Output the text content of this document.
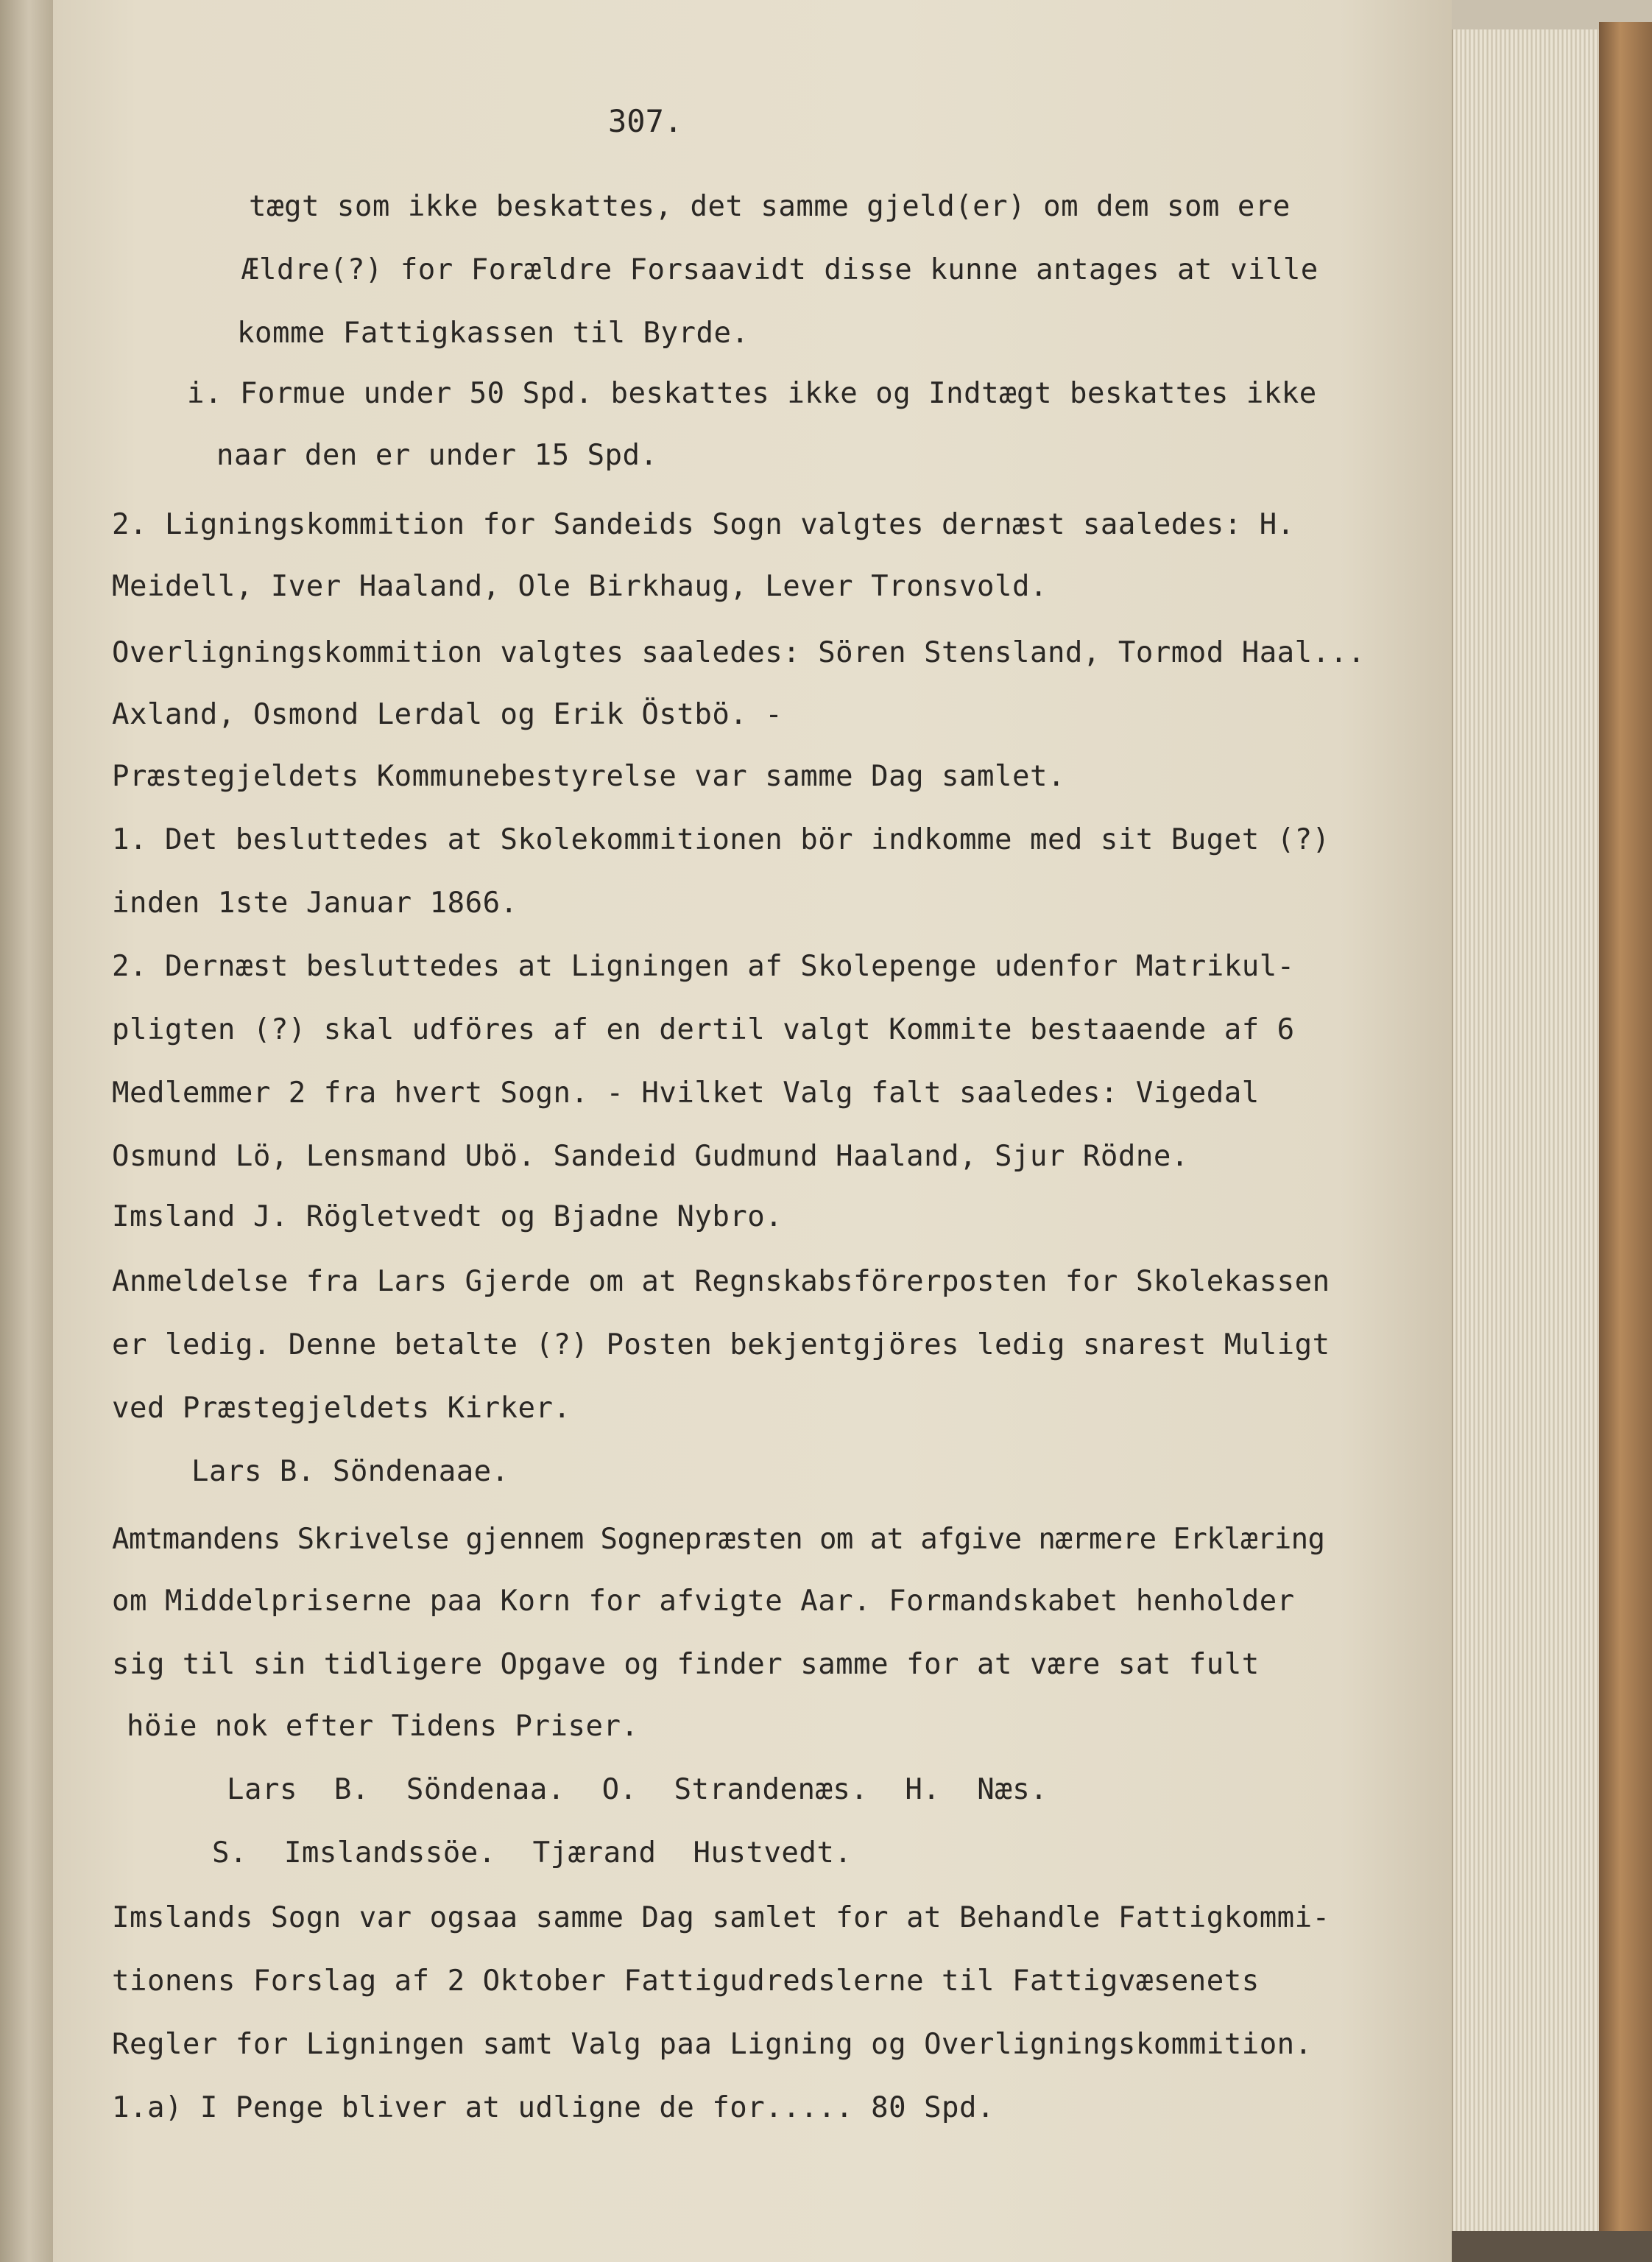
307.
tægt som ikke beskattes, det samme gjeld(er) om dem som ere
Ældre(?) for Forældre Forsaavidt disse kunne antages at ville
komme Fattigkassen til Byrde.
i. Formue under 50 Spd. beskattes ikke og Indtægt beskattes ikke
naar den er under 15 Spd.
2. Ligningskommition for Sandeids Sogn valgtes dernæst saaledes: H.
Meidell, Iver Haaland, Ole Birkhaug, Lever Tronsvold.
Overligningskommition valgtes saaledes: Sören Stensland, Tormod Haal...
Axland, Osmond Lerdal og Erik Östbö. -
Præstegjeldets Kommunebestyrelse var samme Dag samlet.
1. Det besluttedes at Skolekommitionen bör indkomme med sit Buget (?)
inden 1ste Januar 1866.
2. Dernæst besluttedes at Ligningen af Skolepenge udenfor Matrikul-
pligten (?) skal udföres af en dertil valgt Kommite bestaaende af 6
Medlemmer 2 fra hvert Sogn. - Hvilket Valg falt saaledes: Vigedal
Osmund Lö, Lensmand Ubö. Sandeid Gudmund Haaland, Sjur Rödne.
Imsland J. Rögletvedt og Bjadne Nybro.
Anmeldelse fra Lars Gjerde om at Regnskabsförerposten for Skolekassen
er ledig. Denne betalte (?) Posten bekjentgjöres ledig snarest Muligt
ved Præstegjeldets Kirker.
Lars B. Söndenaae.
Amtmandens Skrivelse gjennem Sognepræsten om at afgive nærmere Erklæring
om Middelpriserne paa Korn for afvigte Aar. Formandskabet henholder
sig til sin tidligere Opgave og finder samme for at være sat fult
höie nok efter Tidens Priser.
Lars B. Söndenaa. O. Strandenæs. H. Næs.
S. Imslandssöe. Tjærand Hustvedt.
Imslands Sogn var ogsaa samme Dag samlet for at Behandle Fattigkommi-
tionens Forslag af 2 Oktober Fattigudredslerne til Fattigvæsenets
Regler for Ligningen samt Valg paa Ligning og Overligningskommition.
1.a) I Penge bliver at udligne de for..... 80 Spd.
